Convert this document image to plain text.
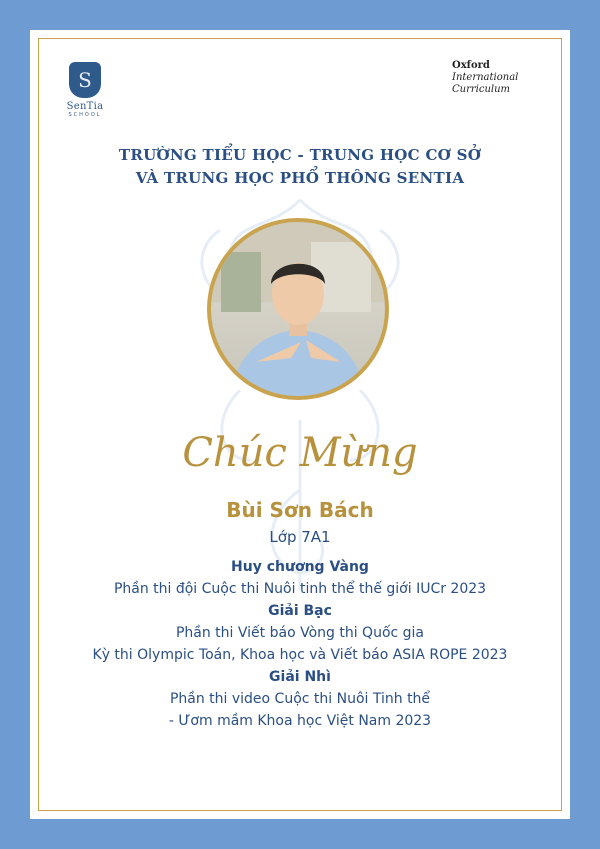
S
SenTia
SCHOOL
Oxford
International
Curriculum
TRƯỜNG TIỂU HỌC - TRUNG HỌC CƠ SỞ
VÀ TRUNG HỌC PHỔ THÔNG SENTIA
Chúc Mừng
Bùi Sơn Bách
Lớp 7A1
Huy chương Vàng
Phần thi đội Cuộc thi Nuôi tinh thể thế giới IUCr 2023
Giải Bạc
Phần thi Viết báo Vòng thi Quốc gia
Kỳ thi Olympic Toán, Khoa học và Viết báo ASIA ROPE 2023
Giải Nhì
Phần thi video Cuộc thi Nuôi Tinh thể
- Ươm mầm Khoa học Việt Nam 2023
